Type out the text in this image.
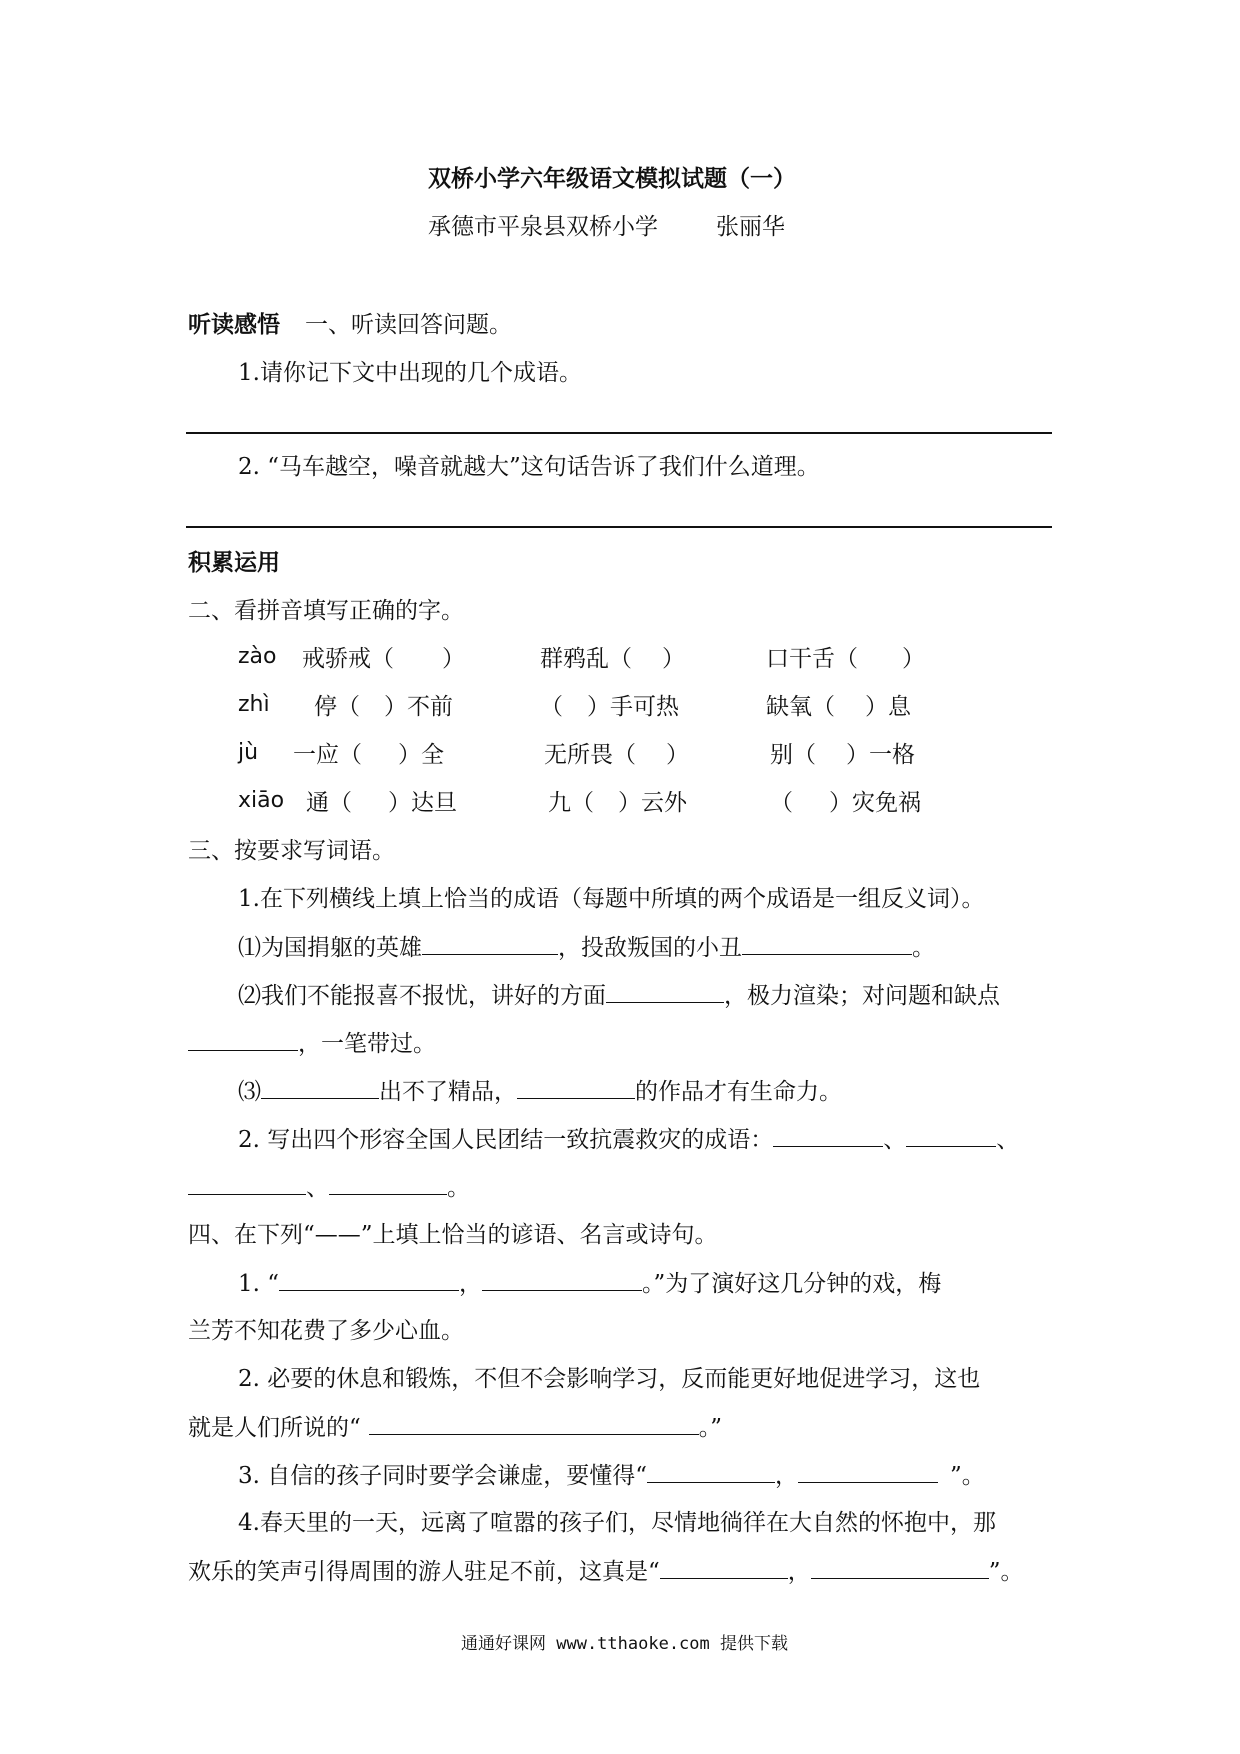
双桥小学六年级语文模拟试题（一）
承德市平泉县双桥小学	张丽华
听读感悟 一、听读回答问题。
1.请你记下文中出现的几个成语。
2. “马车越空，噪音就越大”这句话告诉了我们什么道理。
积累运用
二、看拼音填写正确的字。
zào 戒骄戒（ ）	群鸦乱（ ）	口干舌（ ）
zhì 停（ ）不前	（ ）手可热	缺氧（ ）息
jù 一应（ ）全	无所畏（ ）	别（ ）一格
xiāo 通（ ）达旦	九（ ）云外	（ ）灾免祸
三、按要求写词语。
1.在下列横线上填上恰当的成语（每题中所填的两个成语是一组反义词）。
⑴为国捐躯的英雄	，投敌叛国的小丑	。
⑵我们不能报喜不报忧，讲好的方面	，极力渲染；对问题和缺点
，一笔带过。
⑶	出不了精品，	的作品才有生命力。
2. 写出四个形容全国人民团结一致抗震救灾的成语：	、	、
、	。
四、在下列“——”上填上恰当的谚语、名言或诗句。
1. “	，	。”为了演好这几分钟的戏，梅
兰芳不知花费了多少心血。
2. 必要的休息和锻炼，不但不会影响学习，反而能更好地促进学习，这也
就是人们所说的“	。”
3. 自信的孩子同时要学会谦虚，要懂得“	，	”。
4.春天里的一天，远离了喧嚣的孩子们，尽情地徜徉在大自然的怀抱中，那
欢乐的笑声引得周围的游人驻足不前，这真是“	，	”。
通通好课网 www.tthaoke.com 提供下载
